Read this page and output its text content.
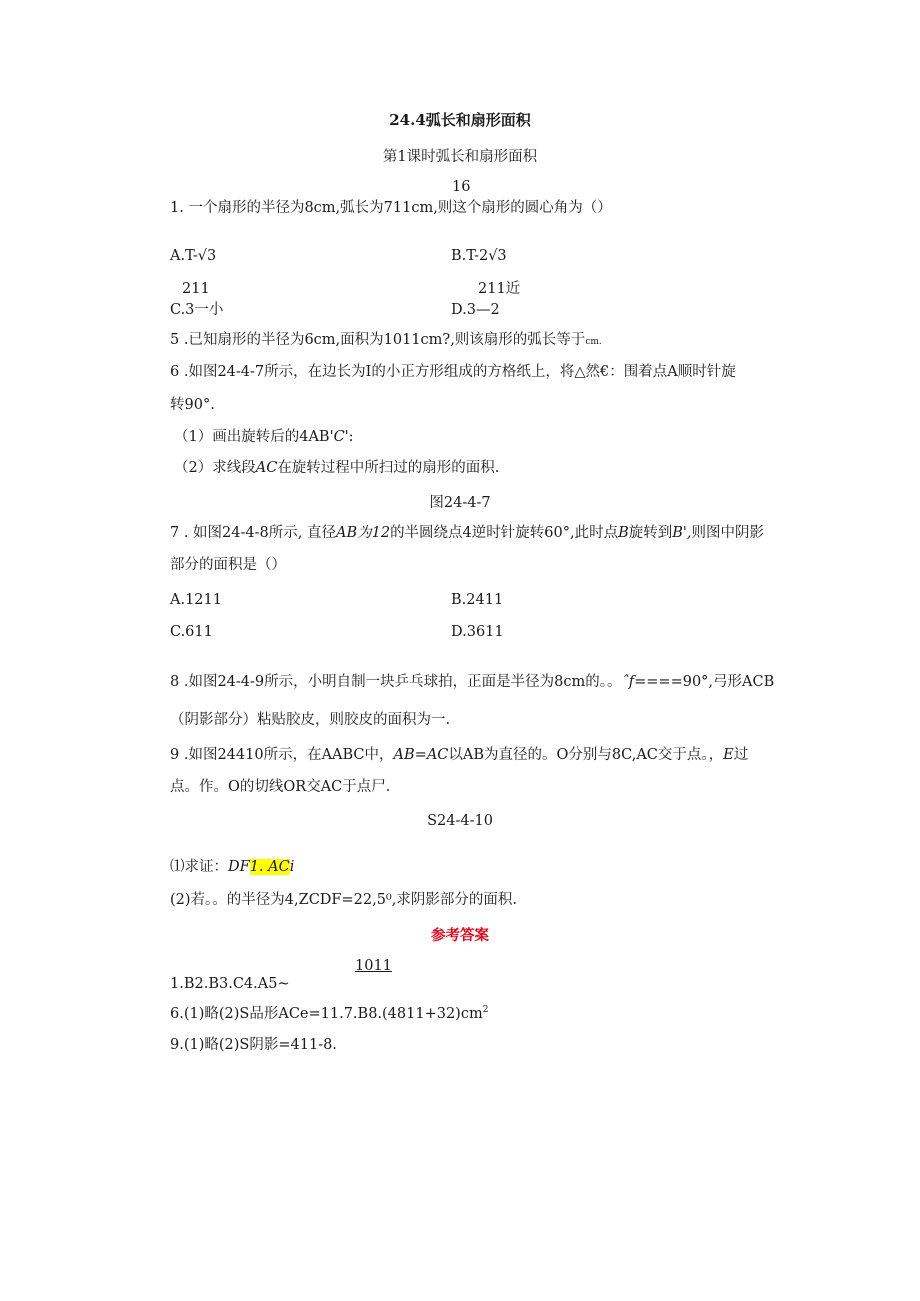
24.4弧长和扇形面积
第1课时弧长和扇形面积
16
1. 一个扇形的半径为8cm,弧长为711cm,则这个扇形的圆心角为（）
A.T-√3	B.T-2√3
211	211近
C.3一小	D.3—2
5 .已知扇形的半径为6cm,面积为1011cm?,则该扇形的弧长等于cm.
6 .如图24-4-7所示，在边长为I的小正方形组成的方格纸上，将△然€：围着点A顺时针旋
转90°.
（1）画出旋转后的4AB'C':
（2）求线段AC在旋转过程中所扫过的扇形的面积.
图24-4-7
7 . 如图24-4-8所示, 直径AB为12的半圆绕点4逆时针旋转60°,此时点B旋转到B',则图中阴影
部分的面积是（）
A.1211	B.2411
C.611	D.3611
8 .如图24-4-9所示，小明自制一块乒乓球拍，正面是半径为8cm的。。ˆf====90°,弓形ACB
（阴影部分）粘贴胶皮，则胶皮的面积为一.
9 .如图24410所示，在AABC中，AB=AC以AB为直径的。O分别与8C,AC交于点。，E过
点。作。O的切线OR交AC于点尸.
S24-4-10
⑴求证：DF1. ACi
(2)若。。的半径为4,ZCDF=22,5⁰,求阴影部分的面积.
参考答案
1011
1.B2.B3.C4.A5~
6.(1)略(2)S品形$ACe=11.7.B8.(4811+32)cm^2$
9.(1)略(2)S阴影=411-8.
